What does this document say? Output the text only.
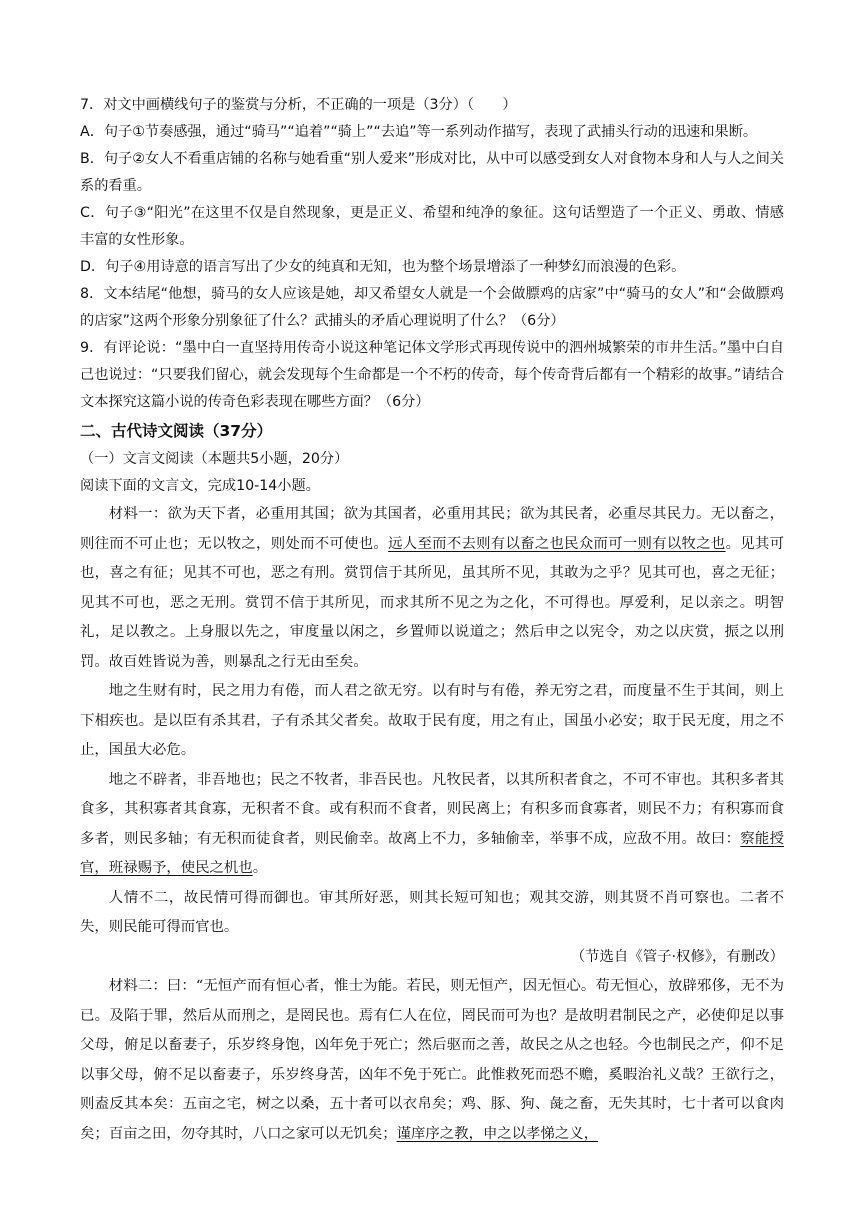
7．对文中画横线句子的鉴赏与分析，不正确的一项是（3分）（　　）

A．句子①节奏感强，通过“骑马”“追着”“骑上”“去追”等一系列动作描写，表现了武捕头行动的迅速和果断。

B．句子②女人不看重店铺的名称与她看重“别人爱来”形成对比，从中可以感受到女人对食物本身和人与人之间关系的看重。

C．句子③“阳光”在这里不仅是自然现象，更是正义、希望和纯净的象征。这句话塑造了一个正义、勇敢、情感丰富的女性形象。

D．句子④用诗意的语言写出了少女的纯真和无知，也为整个场景增添了一种梦幻而浪漫的色彩。

8．文本结尾“他想，骑马的女人应该是她，却又希望女人就是一个会做膘鸡的店家”中“骑马的女人”和“会做膘鸡的店家”这两个形象分别象征了什么？武捕头的矛盾心理说明了什么？（6分）

9．有评论说：“墨中白一直坚持用传奇小说这种笔记体文学形式再现传说中的泗州城繁荣的市井生活。”墨中白自己也说过：“只要我们留心，就会发现每个生命都是一个不朽的传奇，每个传奇背后都有一个精彩的故事。”请结合文本探究这篇小说的传奇色彩表现在哪些方面？（6分）

二、古代诗文阅读（37分）

（一）文言文阅读（本题共5小题，20分）

阅读下面的文言文，完成10-14小题。

材料一：欲为天下者，必重用其国；欲为其国者，必重用其民；欲为其民者，必重尽其民力。无以畜之，则往而不可止也；无以牧之，则处而不可使也。远人至而不去则有以畜之也民众而可一则有以牧之也。见其可也，喜之有征；见其不可也，恶之有刑。赏罚信于其所见，虽其所不见，其敢为之乎？见其可也，喜之无征；见其不可也，恶之无刑。赏罚不信于其所见，而求其所不见之为之化，不可得也。厚爱利，足以亲之。明智礼，足以教之。上身服以先之，审度量以闲之，乡置师以说道之；然后申之以宪令，劝之以庆赏，振之以刑罚。故百姓皆说为善，则暴乱之行无由至矣。

地之生财有时，民之用力有倦，而人君之欲无穷。以有时与有倦，养无穷之君，而度量不生于其间，则上下相疾也。是以臣有杀其君，子有杀其父者矣。故取于民有度，用之有止，国虽小必安；取于民无度，用之不止，国虽大必危。

地之不辟者，非吾地也；民之不牧者，非吾民也。凡牧民者，以其所积者食之，不可不审也。其积多者其食多，其积寡者其食寡，无积者不食。或有积而不食者，则民离上；有积多而食寡者，则民不力；有积寡而食多者，则民多轴；有无积而徒食者，则民偷幸。故离上不力，多轴偷幸，举事不成，应敌不用。故曰：察能授官，班禄赐予，使民之机也。

人情不二，故民情可得而御也。审其所好恶，则其长短可知也；观其交游，则其贤不肖可察也。二者不失，则民能可得而官也。

（节选自《管子·权修》，有删改）

材料二：曰：“无恒产而有恒心者，惟士为能。若民，则无恒产，因无恒心。苟无恒心，放辟邪侈，无不为已。及陷于罪，然后从而刑之，是罔民也。焉有仁人在位，罔民而可为也？是故明君制民之产，必使仰足以事父母，俯足以畜妻子，乐岁终身饱，凶年免于死亡；然后驱而之善，故民之从之也轻。今也制民之产，仰不足以事父母，俯不足以畜妻子，乐岁终身苦，凶年不免于死亡。此惟救死而恐不赡，奚暇治礼义哉？王欲行之，则盍反其本矣：五亩之宅，树之以桑，五十者可以衣帛矣；鸡、豚、狗、彘之畜，无失其时，七十者可以食肉矣；百亩之田，勿夺其时，八口之家可以无饥矣；谨庠序之教，申之以孝悌之义，
